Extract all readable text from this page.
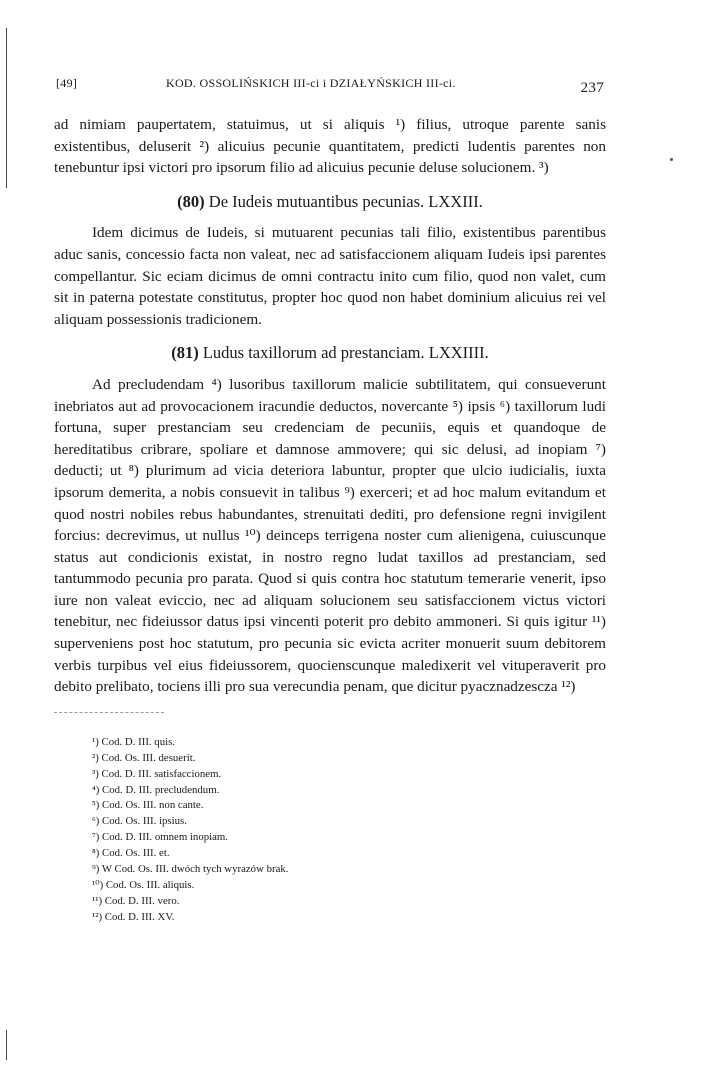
[49]	KOD. OSSOLIŃSKICH III-ci i DZIAŁYŃSKICH III-ci.	237

ad nimiam paupertatem, statuimus, ut si aliquis ¹) filius, utroque parente sanis existentibus, deluserit ²) alicuius pecunie quantitatem, predicti ludentis parentes non tenebuntur ipsi victori pro ipsorum filio ad alicuius pecunie deluse solucionem. ³)

(80) De Iudeis mutuantibus pecunias. LXXIII.

Idem dicimus de Iudeis, si mutuarent pecunias tali filio, existentibus parentibus aduc sanis, concessio facta non valeat, nec ad satisfaccionem aliquam Iudeis ipsi parentes compellantur. Sic eciam dicimus de omni contractu inito cum filio, quod non valet, cum sit in paterna potestate constitutus, propter hoc quod non habet dominium alicuius rei vel aliquam possessionis tradicionem.

(81) Ludus taxillorum ad prestanciam. LXXIIII.

Ad precludendam ⁴) lusoribus taxillorum malicie subtilitatem, qui consueverunt inebriatos aut ad provocacionem iracundie deductos, novercante ⁵) ipsis ⁶) taxillorum ludi fortuna, super prestanciam seu credenciam de pecuniis, equis et quandoque de hereditatibus cribrare, spoliare et damnose ammovere; qui sic delusi, ad inopiam ⁷) deducti; ut ⁸) plurimum ad vicia deteriora labuntur, propter que ulcio iudicialis, iuxta ipsorum demerita, a nobis consuevit in talibus ⁹) exerceri; et ad hoc malum evitandum et quod nostri nobiles rebus habundantes, strenuitati dediti, pro defensione regni invigilent forcius: decrevimus, ut nullus ¹⁰) deinceps terrigena noster cum alienigena, cuiuscunque status aut condicionis existat, in nostro regno ludat taxillos ad prestanciam, sed tantummodo pecunia pro parata. Quod si quis contra hoc statutum temerarie venerit, ipso iure non valeat eviccio, nec ad aliquam solucionem seu satisfaccionem victus victori tenebitur, nec fideiussor datus ipsi vincenti poterit pro debito ammoneri. Si quis igitur ¹¹) superveniens post hoc statutum, pro pecunia sic evicta acriter monuerit suum debitorem verbis turpibus vel eius fideiussorem, quocienscunque maledixerit vel vituperaverit pro debito prelibato, tociens illi pro sua verecundia penam, que dicitur pyacznadzescza ¹²)

¹) Cod. D. III. quis.
²) Cod. Os. III. desuerit.
³) Cod. D. III. satisfaccionem.
⁴) Cod. D. III. precludendum.
⁵) Cod. Os. III. non cante.
⁶) Cod. Os. III. ipsius.
⁷) Cod. D. III. omnem inopiam.
⁸) Cod. Os. III. et.
⁹) W Cod. Os. III. dwóch tych wyrazów brak.
¹⁰) Cod. Os. III. aliquis.
¹¹) Cod. D. III. vero.
¹²) Cod. D. III. XV.
